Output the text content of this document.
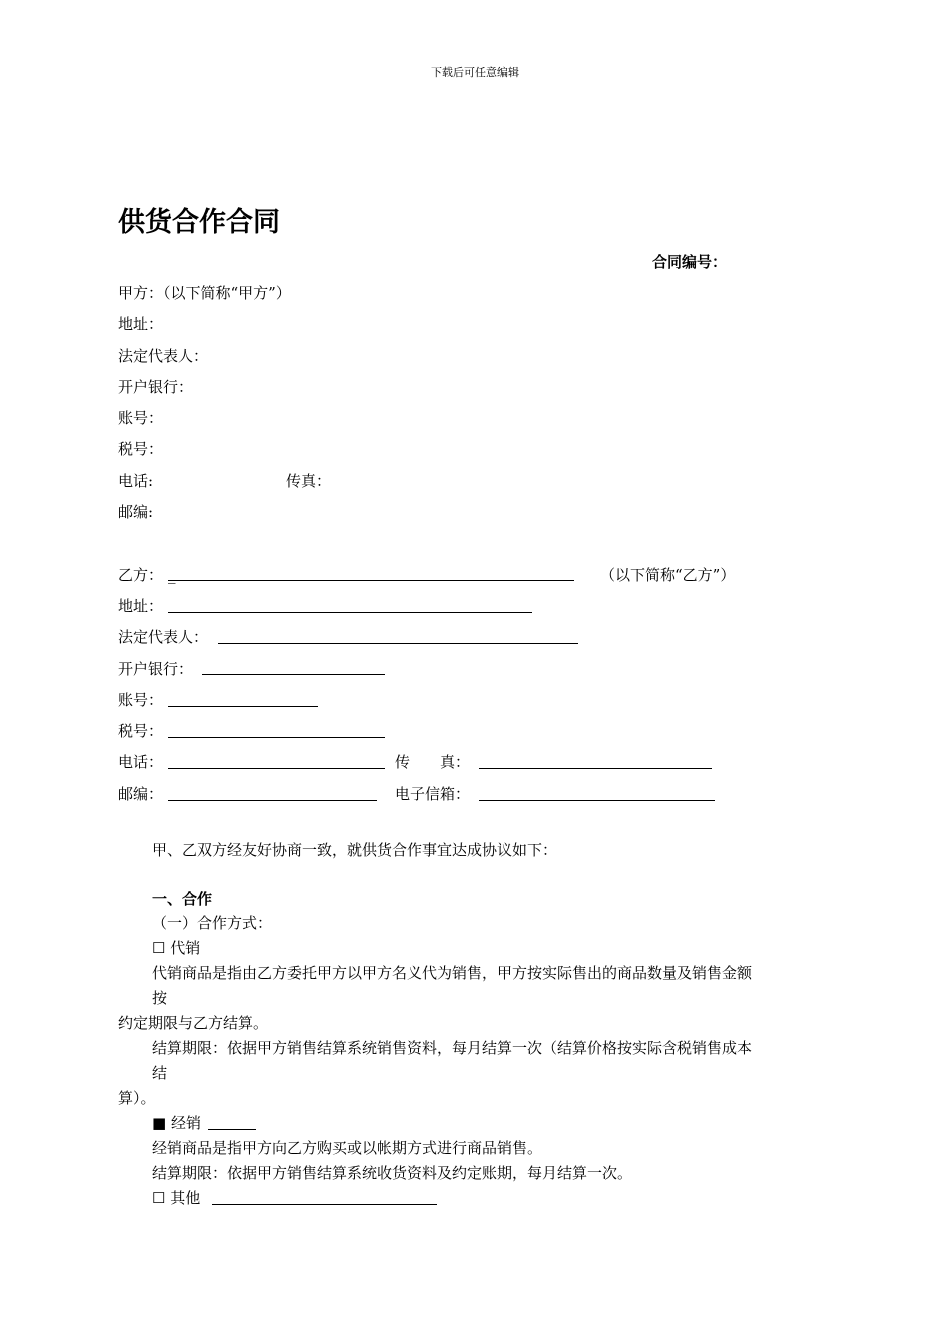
下载后可任意编辑
供货合作合同
合同编号：
甲方：（以下简称“甲方”）
地址：
法定代表人：
开户银行：
账号：
税号：
电话:	传真：
邮编:
乙方： _	（以下简称“乙方”）
地址：
法定代表人：
开户银行：
账号：
税号：
电话：	传　　真：
邮编：	电子信箱：
甲、乙双方经友好协商一致，就供货合作事宜达成协议如下：
一、合作
（一）合作方式：
☐ 代销
代销商品是指由乙方委托甲方以甲方名义代为销售，甲方按实际售出的商品数量及销售金额
按
约定期限与乙方结算。
结算期限：依据甲方销售结算系统销售资料，每月结算一次（结算价格按实际含税销售成本
结
算）。
■ 经销
经销商品是指甲方向乙方购买或以帐期方式进行商品销售。
结算期限：依据甲方销售结算系统收货资料及约定账期，每月结算一次。
☐ 其他
